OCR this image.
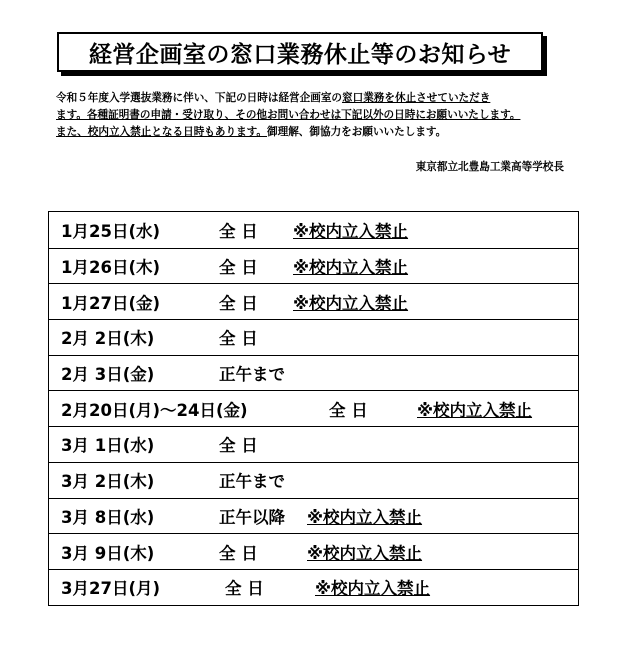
経営企画室の窓口業務休止等のお知らせ
令和５年度入学選抜業務に伴い、下記の日時は経営企画室の窓口業務を休止させていただき
ます。各種証明書の申請・受け取り、その他お問い合わせは下記以外の日時にお願いいたします。
また、校内立入禁止となる日時もあります。御理解、御協力をお願いいたします。
東京都立北豊島工業高等学校長
1月25日(水)	全 日 ※校内立入禁止
1月26日(木)	全 日 ※校内立入禁止
1月27日(金)	全 日 ※校内立入禁止
2月 2日(木)	全 日
2月 3日(金)	正午まで
2月20日(月)～24日(金)	全 日	※校内立入禁止
3月 1日(水)	全 日
3月 2日(木)	正午まで
3月 8日(水)	正午以降 ※校内立入禁止
3月 9日(木)	全 日	※校内立入禁止
3月27日(月)	全 日	※校内立入禁止
